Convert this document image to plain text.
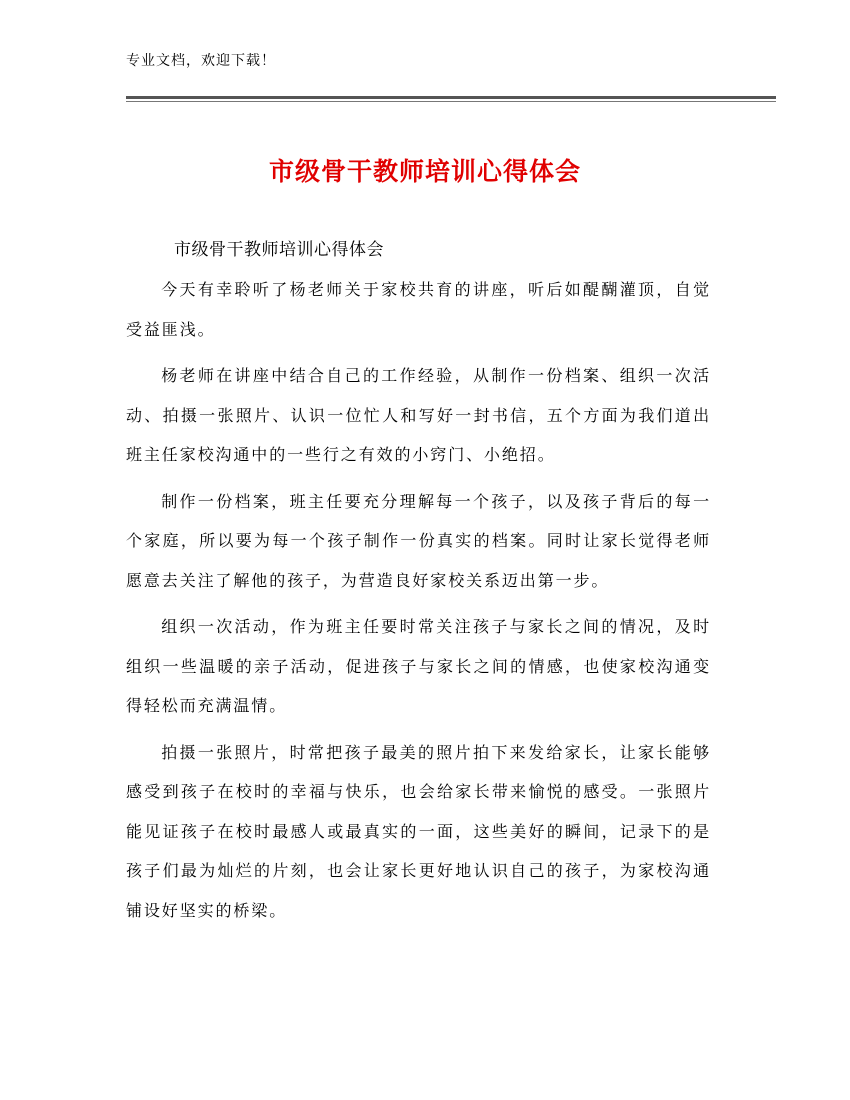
专业文档，欢迎下载！
市级骨干教师培训心得体会
市级骨干教师培训心得体会

今天有幸聆听了杨老师关于家校共育的讲座，听后如醍醐灌顶，自觉受益匪浅。

杨老师在讲座中结合自己的工作经验，从制作一份档案、组织一次活动、拍摄一张照片、认识一位忙人和写好一封书信，五个方面为我们道出班主任家校沟通中的一些行之有效的小窍门、小绝招。

制作一份档案，班主任要充分理解每一个孩子，以及孩子背后的每一个家庭，所以要为每一个孩子制作一份真实的档案。同时让家长觉得老师愿意去关注了解他的孩子，为营造良好家校关系迈出第一步。

组织一次活动，作为班主任要时常关注孩子与家长之间的情况，及时组织一些温暖的亲子活动，促进孩子与家长之间的情感，也使家校沟通变得轻松而充满温情。

拍摄一张照片，时常把孩子最美的照片拍下来发给家长，让家长能够感受到孩子在校时的幸福与快乐，也会给家长带来愉悦的感受。一张照片能见证孩子在校时最感人或最真实的一面，这些美好的瞬间，记录下的是孩子们最为灿烂的片刻，也会让家长更好地认识自己的孩子，为家校沟通铺设好坚实的桥梁。
